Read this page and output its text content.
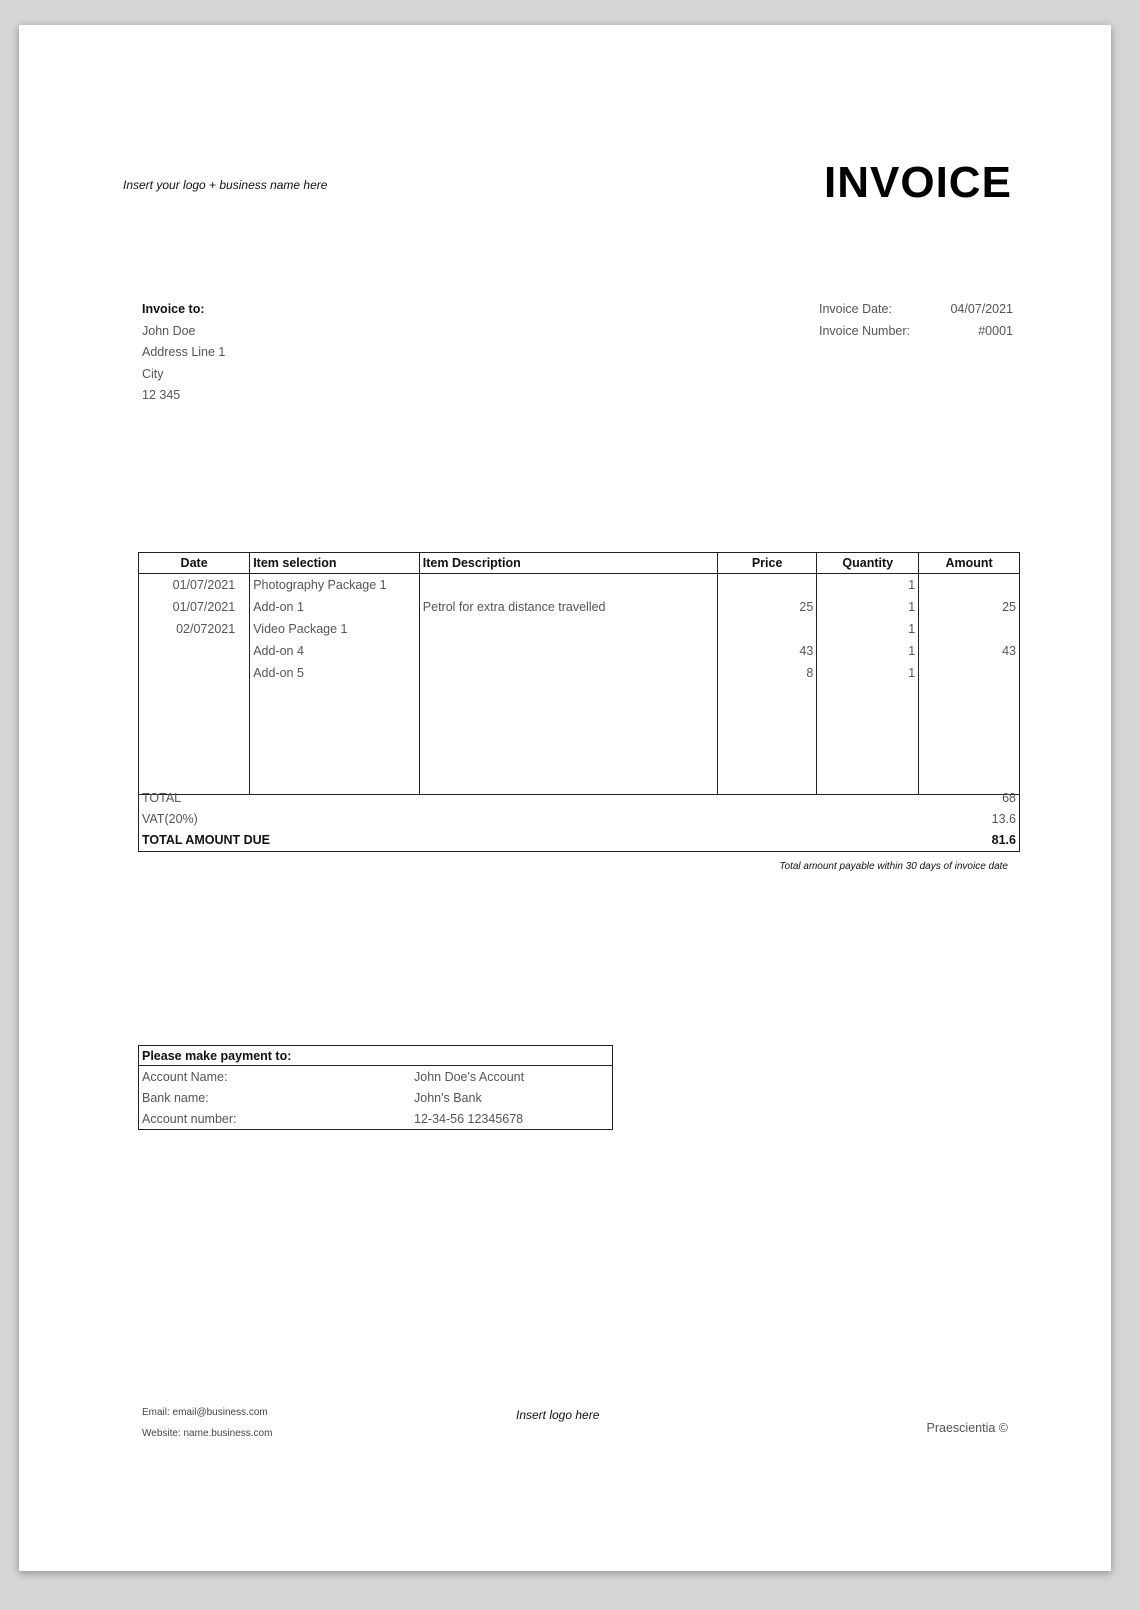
Insert your logo + business name here	INVOICE
Invoice to:
John Doe
Address Line 1
City
12 345
Invoice Date:	04/07/2021
Invoice Number:	#0001
Date	Item selection	Item Description	Price	Quantity	Amount
01/07/2021	Photography Package 1			1	
01/07/2021	Add-on 1	Petrol for extra distance travelled	25	1	25
02/072021	Video Package 1			1	
	Add-on 4		43	1	43
	Add-on 5		8	1	

TOTAL	68
VAT(20%)	13.6
TOTAL AMOUNT DUE	81.6
Total amount payable within 30 days of invoice date
Please make payment to:	
Account Name:	John Doe's Account
Bank name:	John's Bank
Account number:	12-34-56 12345678
Email: email@business.com
Website: name.business.com
Insert logo here
Praescientia ©
